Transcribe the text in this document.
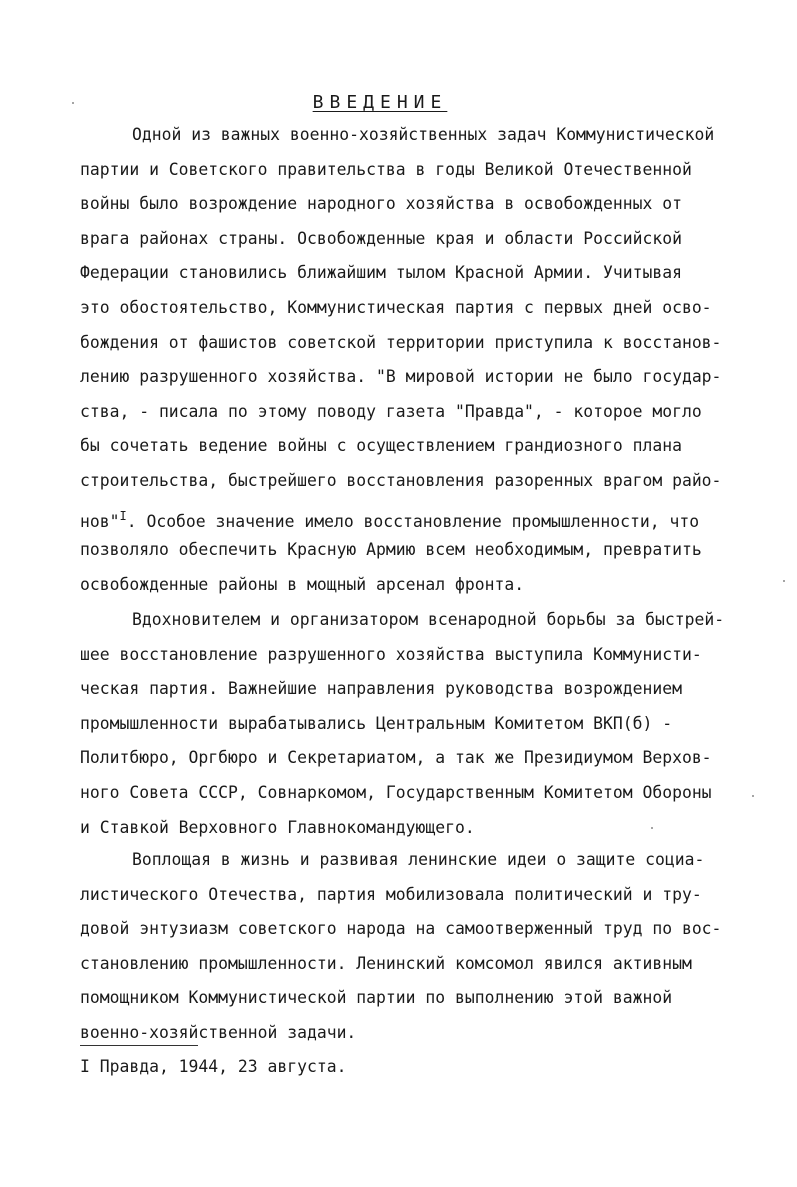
ВВЕДЕНИЕ
Одной из важных военно-хозяйственных задач Коммунистической
партии и Советского правительства в годы Великой Отечественной
войны было возрождение народного хозяйства в освобожденных от
врага районах страны. Освобожденные края и области Российской
Федерации становились ближайшим тылом Красной Армии. Учитывая
это обостоятельство, Коммунистическая партия с первых дней осво-
бождения от фашистов советской территории приступила к восстанов-
лению разрушенного хозяйства. "В мировой истории не было государ-
ства, - писала по этому поводу газета "Правда", - которое могло
бы сочетать ведение войны с осуществлением грандиозного плана
строительства, быстрейшего восстановления разоренных врагом райо-
нов"$^I$. Особое значение имело восстановление промышленности, что
позволяло обеспечить Красную Армию всем необходимым, превратить
освобожденные районы в мощный арсенал фронта.
Вдохновителем и организатором всенародной борьбы за быстрей-
шее восстановление разрушенного хозяйства выступила Коммунисти-
ческая партия. Важнейшие направления руководства возрождением
промышленности вырабатывались Центральным Комитетом ВКП(б) -
Политбюро, Оргбюро и Секретариатом, а так же Президиумом Верхов-
ного Совета СССР, Совнаркомом, Государственным Комитетом Обороны
и Ставкой Верховного Главнокомандующего.
Воплощая в жизнь и развивая ленинские идеи о защите социа-
листического Отечества, партия мобилизовала политический и тру-
довой энтузиазм советского народа на самоотверженный труд по вос-
становлению промышленности. Ленинский комсомол явился активным
помощником Коммунистической партии по выполнению этой важной
военно-хозяйственной задачи.
I Правда, 1944, 23 августа.
